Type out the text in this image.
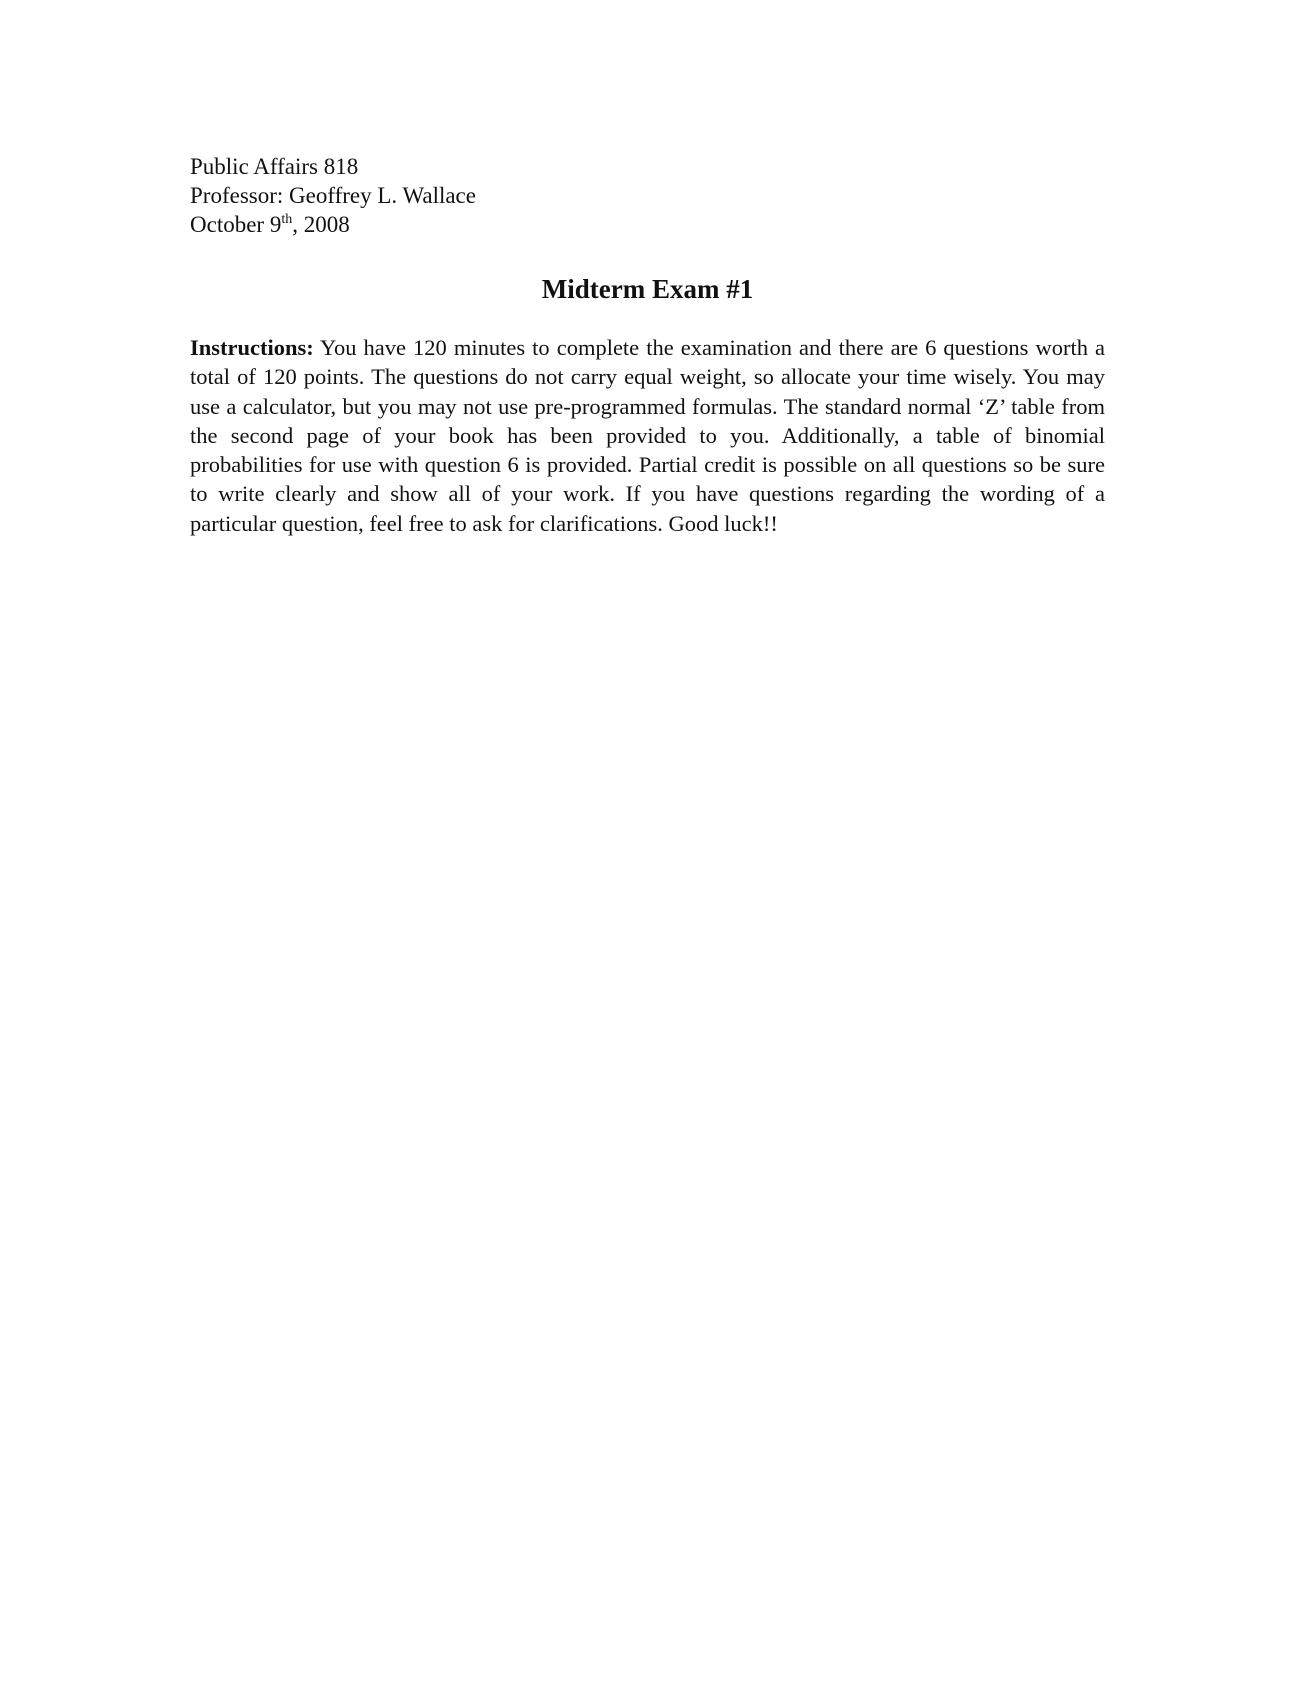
Public Affairs 818
Professor: Geoffrey L. Wallace
October 9th, 2008
Midterm Exam #1
Instructions: You have 120 minutes to complete the examination and there are 6 questions worth a total of 120 points. The questions do not carry equal weight, so allocate your time wisely. You may use a calculator, but you may not use pre-programmed formulas. The standard normal ‘Z’ table from the second page of your book has been provided to you. Additionally, a table of binomial probabilities for use with question 6 is provided. Partial credit is possible on all questions so be sure to write clearly and show all of your work. If you have questions regarding the wording of a particular question, feel free to ask for clarifications. Good luck!!
